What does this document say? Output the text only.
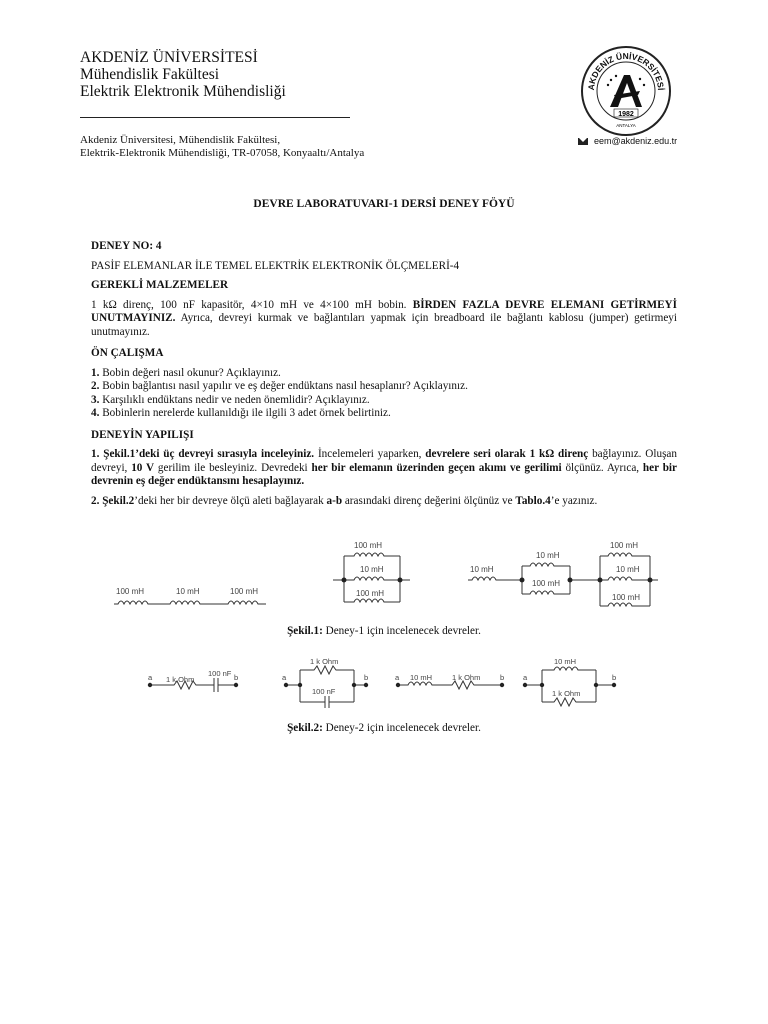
AKDENİZ ÜNİVERSİTESİ
Mühendislik Fakültesi
Elektrik Elektronik Mühendisliği
Akdeniz Üniversitesi, Mühendislik Fakültesi,
Elektrik-Elektronik Mühendisliği, TR-07058, Konyaaltı/Antalya
eem@akdeniz.edu.tr
AKDENİZ ÜNİVERSİTESİ
1982
ANTALYA
DEVRE LABORATUVARI-1 DERSİ DENEY FÖYÜ

DENEY NO: 4

PASİF ELEMANLAR İLE TEMEL ELEKTRİK ELEKTRONİK ÖLÇMELERİ-4

GEREKLİ MALZEMELER

1 kΩ direnç, 100 nF kapasitör, 4×10 mH ve 4×100 mH bobin. BİRDEN FAZLA DEVRE ELEMANI GETİRMEYİ UNUTMAYINIZ. Ayrıca, devreyi kurmak ve bağlantıları yapmak için breadboard ile bağlantı kablosu (jumper) getirmeyi unutmayınız.

ÖN ÇALIŞMA

1. Bobin değeri nasıl okunur? Açıklayınız.

2. Bobin bağlantısı nasıl yapılır ve eş değer endüktans nasıl hesaplanır? Açıklayınız.

3. Karşılıklı endüktans nedir ve neden önemlidir? Açıklayınız.

4. Bobinlerin nerelerde kullanıldığı ile ilgili 3 adet örnek belirtiniz.

DENEYİN YAPILIŞI

1. Şekil.1’deki üç devreyi sırasıyla inceleyiniz. İncelemeleri yaparken, devrelere seri olarak 1 kΩ direnç bağlayınız. Oluşan devreyi, 10 V gerilim ile besleyiniz. Devredeki her bir elemanın üzerinden geçen akımı ve gerilimi ölçünüz. Ayrıca, her bir devrenin eş değer endüktansını hesaplayınız.

2. Şekil.2’deki her bir devreye ölçü aleti bağlayarak a-b arasındaki direnç değerini ölçünüz ve Tablo.4’e yazınız.

100 mH	10 mH	100 mH
100 mH
10 mH
100 mH
10 mH
10 mH
100 mH
100 mH
10 mH
100 mH
Şekil.1: Deney-1 için incelenecek devreler.
a	b
1 k Ohm
100 nF	a	b
1 k Ohm
100 nF
a	b
10 mH	1 k Ohm	a	b
10 mH
1 k Ohm
Şekil.2: Deney-2 için incelenecek devreler.
